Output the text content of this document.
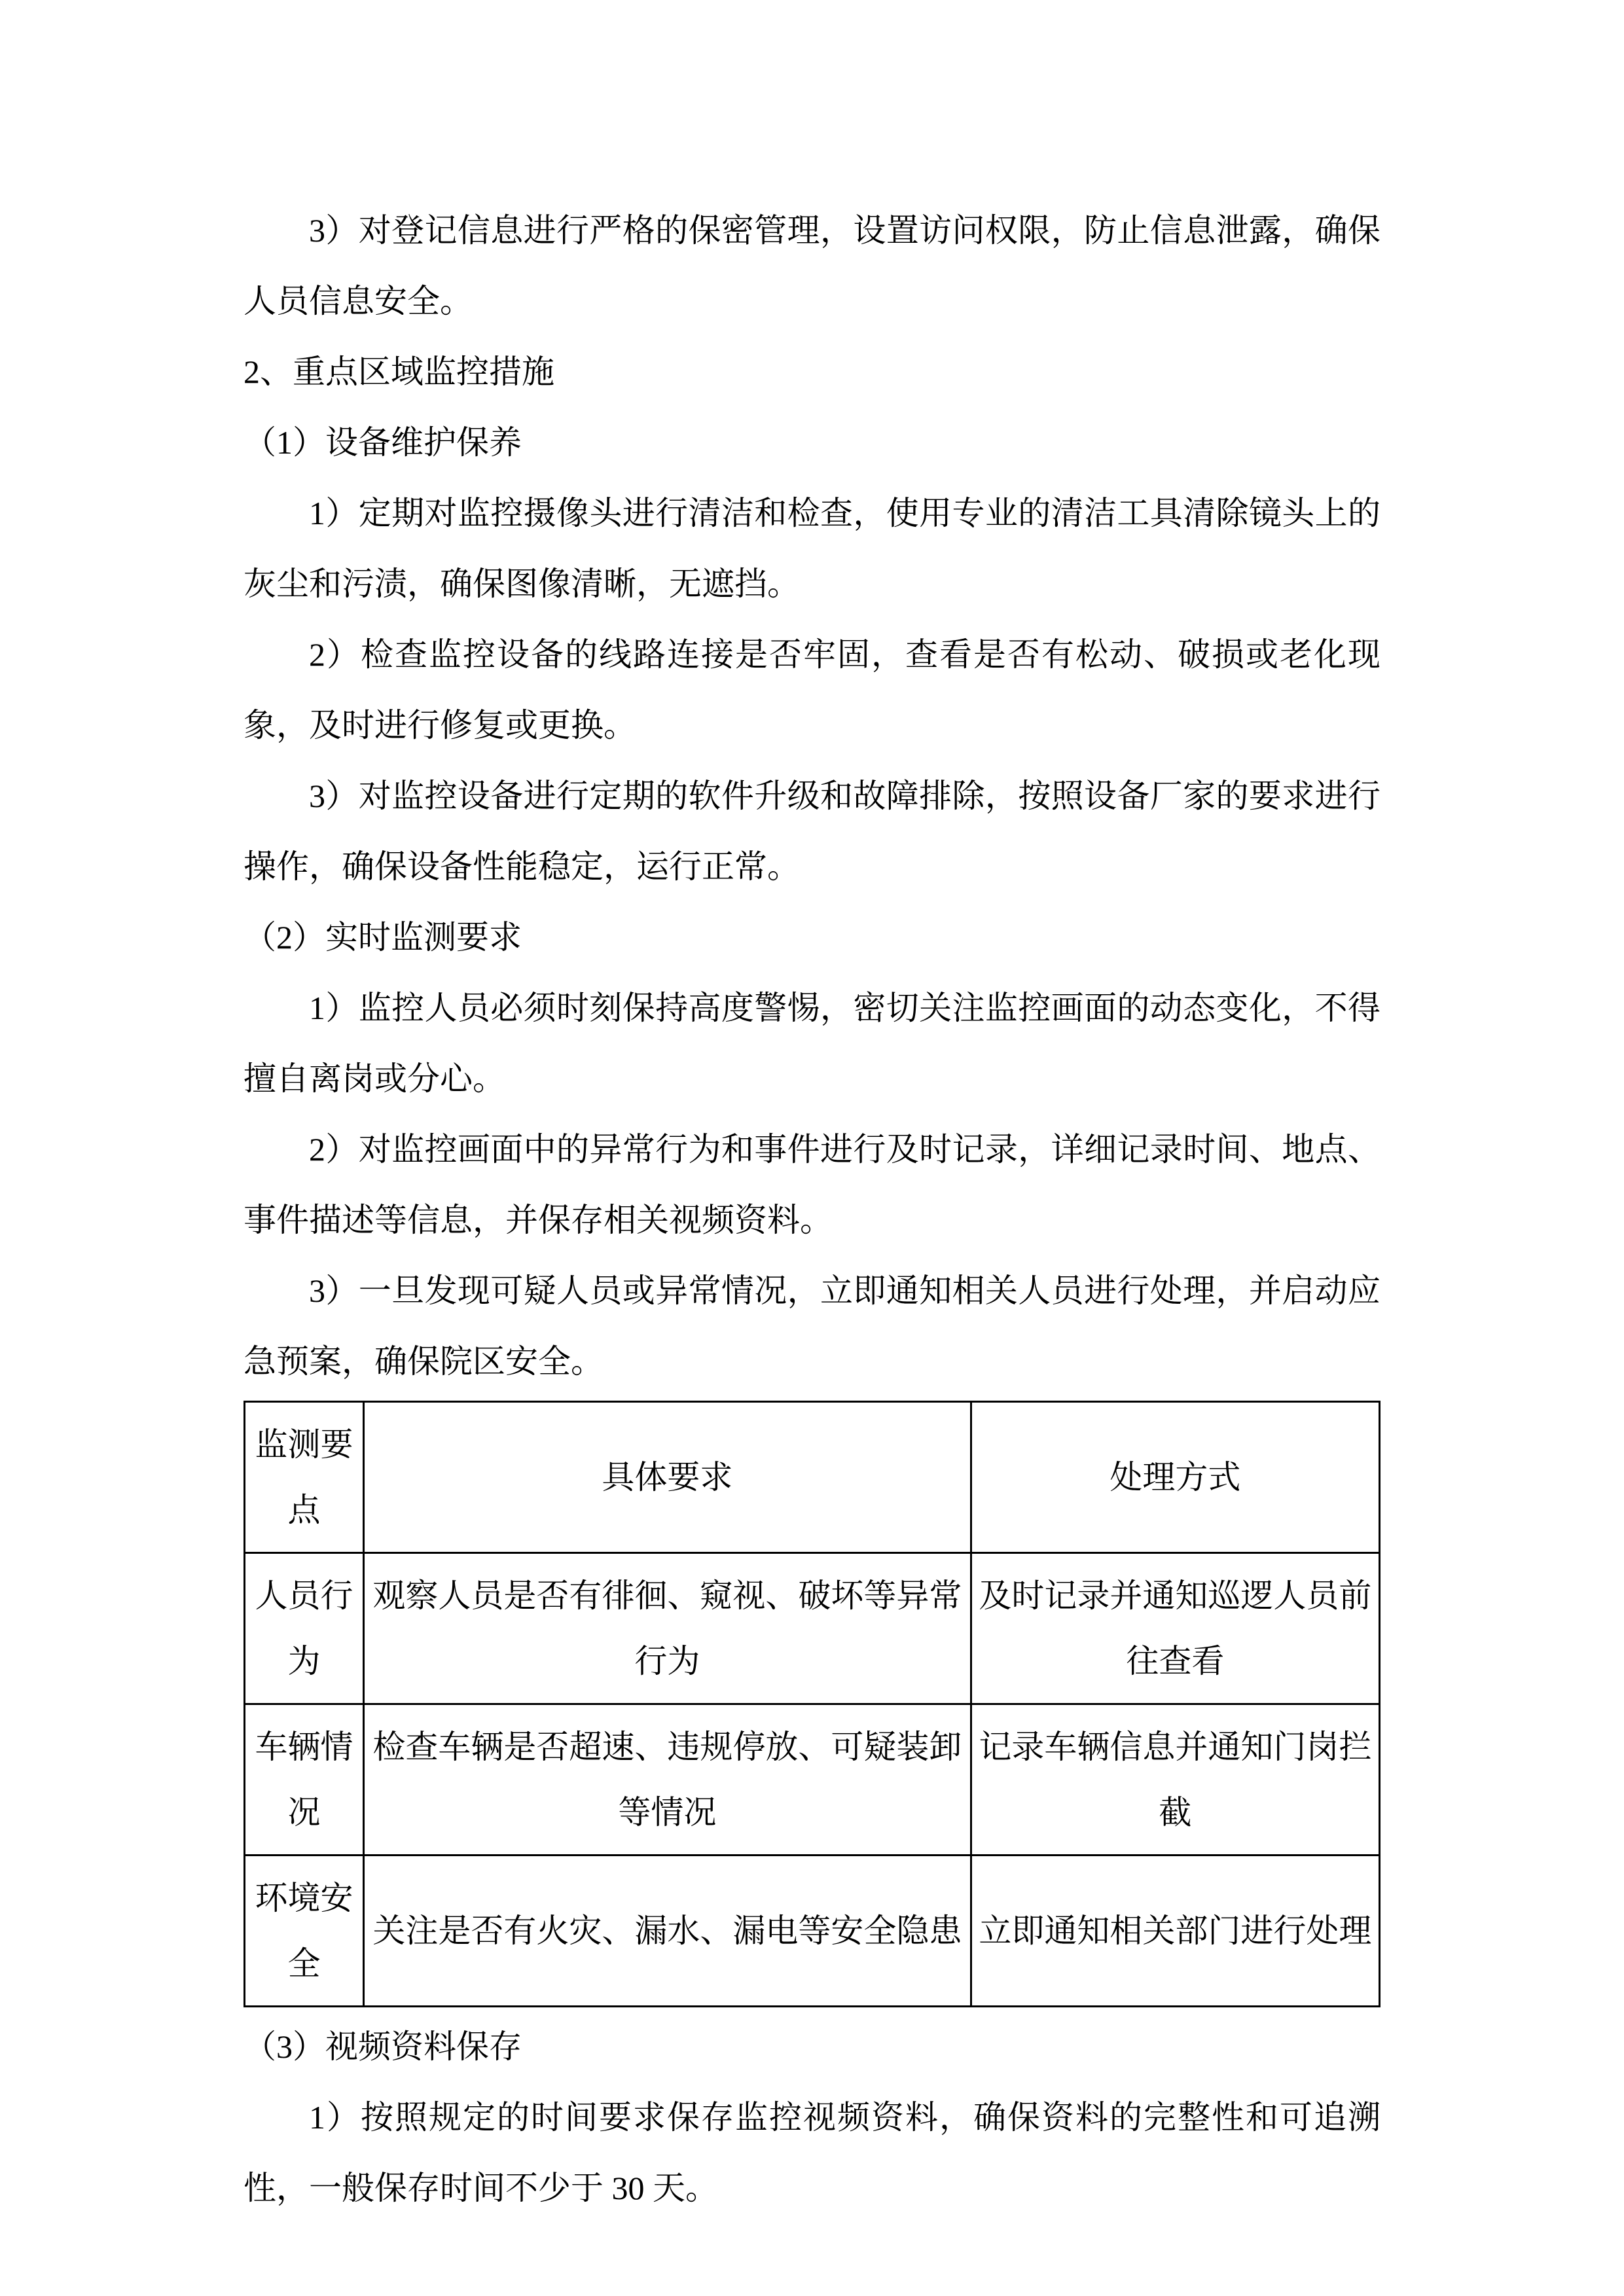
3）对登记信息进行严格的保密管理，设置访问权限，防止信息泄露，确保人员信息安全。

2、重点区域监控措施

（1）设备维护保养

1）定期对监控摄像头进行清洁和检查，使用专业的清洁工具清除镜头上的灰尘和污渍，确保图像清晰，无遮挡。

2）检查监控设备的线路连接是否牢固，查看是否有松动、破损或老化现象，及时进行修复或更换。

3）对监控设备进行定期的软件升级和故障排除，按照设备厂家的要求进行操作，确保设备性能稳定，运行正常。

（2）实时监测要求

1）监控人员必须时刻保持高度警惕，密切关注监控画面的动态变化，不得擅自离岗或分心。

2）对监控画面中的异常行为和事件进行及时记录，详细记录时间、地点、事件描述等信息，并保存相关视频资料。

3）一旦发现可疑人员或异常情况，立即通知相关人员进行处理，并启动应急预案，确保院区安全。

监测要点	具体要求	处理方式
人员行为	观察人员是否有徘徊、窥视、破坏等异常行为	及时记录并通知巡逻人员前往查看
车辆情况	检查车辆是否超速、违规停放、可疑装卸等情况	记录车辆信息并通知门岗拦截
环境安全	关注是否有火灾、漏水、漏电等安全隐患	立即通知相关部门进行处理

（3）视频资料保存

1）按照规定的时间要求保存监控视频资料，确保资料的完整性和可追溯性，一般保存时间不少于 30 天。
